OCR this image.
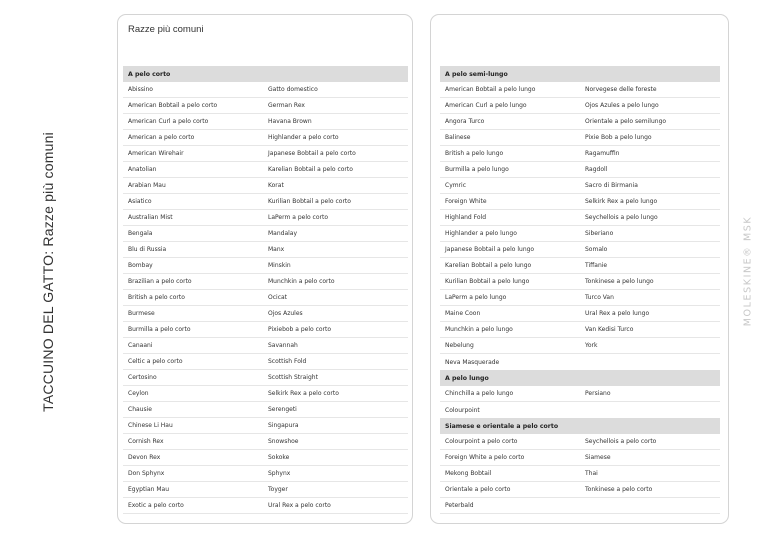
TACCUINO DEL GATTO: Razze più comuni	MOLESKINE® MSK
Razze più comuni
A pelo corto
Abissino	Gatto domestico
American Bobtail a pelo corto	German Rex
American Curl a pelo corto	Havana Brown
American a pelo corto	Highlander a pelo corto
American Wirehair	Japanese Bobtail a pelo corto
Anatolian	Karelian Bobtail a pelo corto
Arabian Mau	Korat
Asiatico	Kurilian Bobtail a pelo corto
Australian Mist	LaPerm a pelo corto
Bengala	Mandalay
Blu di Russia	Manx
Bombay	Minskin
Brazilian a pelo corto	Munchkin a pelo corto
British a pelo corto	Ocicat
Burmese	Ojos Azules
Burmilla a pelo corto	Pixiebob a pelo corto
Canaani	Savannah
Celtic a pelo corto	Scottish Fold
Certosino	Scottish Straight
Ceylon	Selkirk Rex a pelo corto
Chausie	Serengeti
Chinese Li Hau	Singapura
Cornish Rex	Snowshoe
Devon Rex	Sokoke
Don Sphynx	Sphynx
Egyptian Mau	Toyger
Exotic a pelo corto	Ural Rex a pelo corto
A pelo semi-lungo
American Bobtail a pelo lungo	Norvegese delle foreste
American Curl a pelo lungo	Ojos Azules a pelo lungo
Angora Turco	Orientale a pelo semilungo
Balinese	Pixie Bob a pelo lungo
British a pelo lungo	Ragamuffin
Burmilla a pelo lungo	Ragdoll
Cymric	Sacro di Birmania
Foreign White	Selkirk Rex a pelo lungo
Highland Fold	Seychellois a pelo lungo
Highlander a pelo lungo	Siberiano
Japanese Bobtail a pelo lungo	Somalo
Karelian Bobtail a pelo lungo	Tiffanie
Kurilian Bobtail a pelo lungo	Tonkinese a pelo lungo
LaPerm a pelo lungo	Turco Van
Maine Coon	Ural Rex a pelo lungo
Munchkin a pelo lungo	Van Kedisi Turco
Nebelung	York
Neva Masquerade
A pelo lungo
Chinchilla a pelo lungo	Persiano
Colourpoint
Siamese e orientale a pelo corto
Colourpoint a pelo corto	Seychellois a pelo corto
Foreign White a pelo corto	Siamese
Mekong Bobtail	Thai
Orientale a pelo corto	Tonkinese a pelo corto
Peterbald
